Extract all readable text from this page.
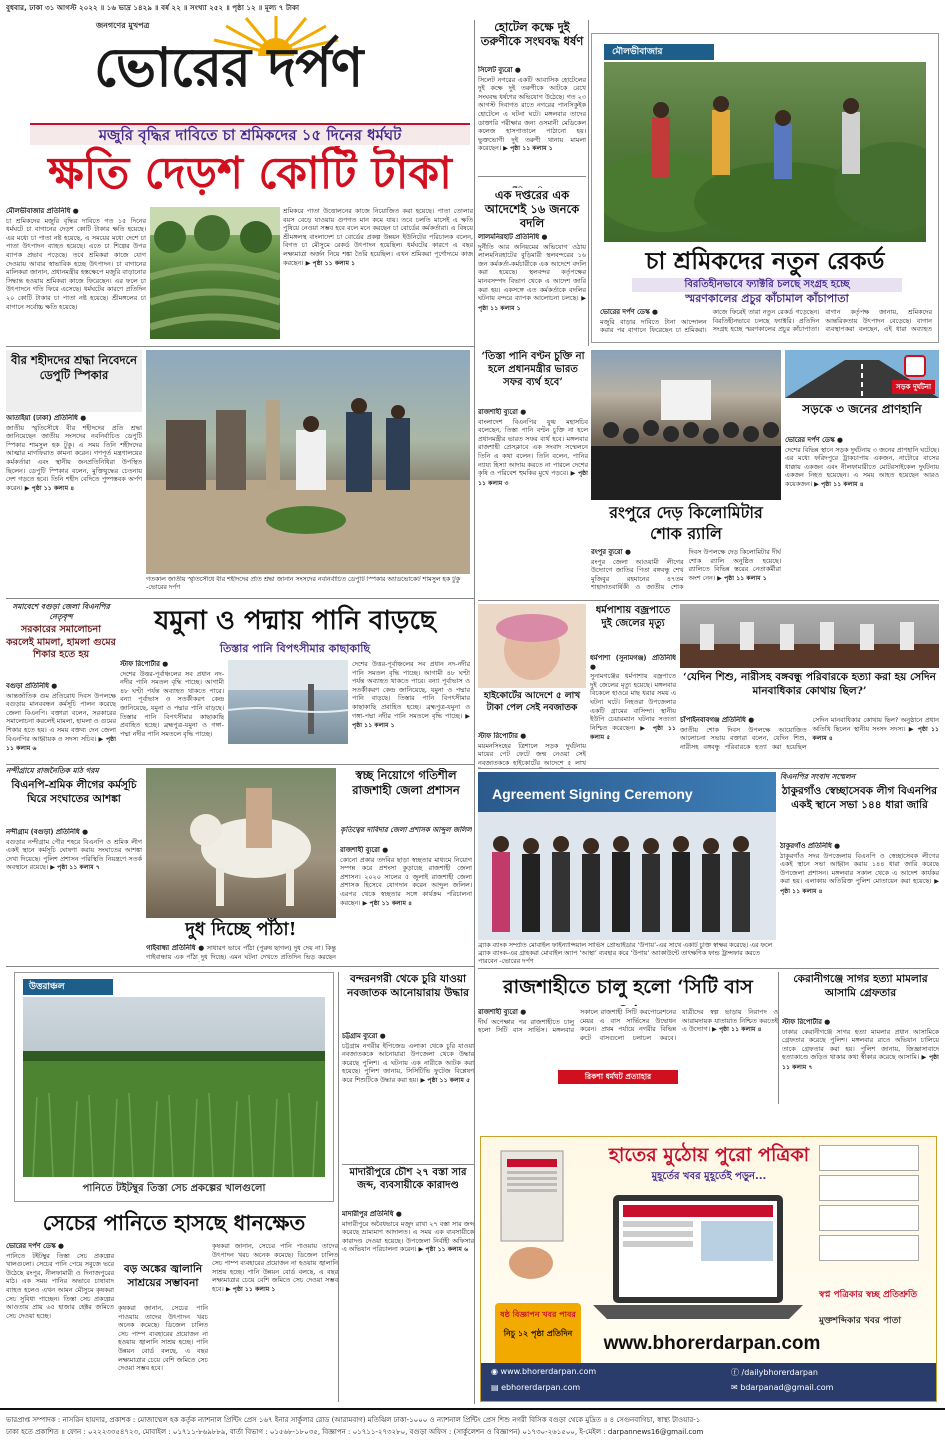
বুধবার, ঢাকা ৩১ আগস্ট ২০২২ ॥ ১৬ ভাদ্র ১৪২৯ ॥ বর্ষ ২২ ॥ সংখ্যা ২৫২ ॥ পৃষ্ঠা ১২ ॥ মূল্য ৭ টাকা
জনগণের মুখপত্র
ভোরের দর্পণ
মজুরি বৃদ্ধির দাবিতে চা শ্রমিকদের ১৫ দিনের ধর্মঘট
ক্ষতি দেড়শ কোটি টাকা
মৌলভীবাজার প্রতিনিধি ●
চা শ্রমিকদের মজুরি বৃদ্ধির দাবিতে গত ১৫ দিনের ধর্মঘটে চা বাগানের দেড়শ কোটি টাকার ক্ষতি হয়েছে। এর মধ্যে চা পাতা নষ্ট হয়েছে, এ সময়ের মধ্যে দেশে চা পাতা উৎপাদন ব্যাহত হয়েছে। এতে চা শিল্পের উপর ব্যাপক প্রভাব পড়েছে। তবে শ্রমিকরা কাজে যোগ দেওয়ায় আবার স্বাভাবিক হচ্ছে উৎপাদন। চা বাগানের মালিকরা জানান, প্রধানমন্ত্রীর হস্তক্ষেপে মজুরি বাড়ানোর সিদ্ধান্ত হওয়ায় শ্রমিকরা কাজে ফিরেছেন। এর ফলে চা উৎপাদনে গতি ফিরে এসেছে। ধর্মঘটের কারণে প্রতিদিন ২০ কোটি টাকার চা পাতা নষ্ট হয়েছে। শ্রীমঙ্গলের চা বাগানে সর্বোচ্চ ক্ষতি হয়েছে।
শ্রমিকরে পাতা উত্তোলনের কাজে নিয়োজিত করা হয়েছে। পাতা তোলার বয়স বেড়ে যাওয়ায় গুণগত মান কমে যায়। তবে চলতি মাসেই এ ক্ষতি পুষিয়ে নেওয়া সম্ভব হবে বলে মনে করছেন চা বোর্ডের কর্মকর্তারা। এ বিষয়ে শ্রীমঙ্গলস্থ বাংলাদেশ চা বোর্ডের প্রকল্প উন্নয়ন ইউনিটের পরিচালক বলেন, বিগত চা মৌসুমে রেকর্ড উৎপাদন হয়েছিল। ধর্মঘটের কারণে এ বছর লক্ষ্যমাত্রা অর্জন নিয়ে শঙ্কা তৈরি হয়েছিল। এখন শ্রমিকরা পূর্ণোদ্যমে কাজ করছেন। ▶ পৃষ্ঠা ১১ কলাম ১
হোটেল কক্ষে দুই তরুণীকে সংঘবদ্ধ ধর্ষণ
সিলেট ব্যুরো ●
সিলেট নগরের একটি আবাসিক হোটেলের দুই কক্ষে দুই তরুণীকে আটকে রেখে সংঘবদ্ধ ধর্ষণের অভিযোগ উঠেছে। গত ২৩ আগস্ট দিবাগত রাতে নগরের পানসিকুইক হোটেলে এ ঘটনা ঘটে। মঙ্গলবার তাদের ডাক্তারি পরীক্ষার জন্য ওসমানী মেডিকেল কলেজ হাসপাতালে পাঠানো হয়। ভুক্তভোগী দুই তরুণী থানায় মামলা করেছেন। ▶ পৃষ্ঠা ১১ কলাম ১
এক দপ্তরের এক আদেশেই ১৬ জনকে বদলি
লালমনিরহাট প্রতিনিধি ●
দুর্নীতি আর অনিয়মের অভিযোগ ওঠায় লালমনিরহাটের বুড়িমারী স্থলবন্দরের ১৬ জন কর্মকর্তা-কর্মচারীকে এক আদেশে বদলি করা হয়েছে। স্থলবন্দর কর্তৃপক্ষের মানবসম্পদ বিভাগ থেকে এ আদেশ জারি করা হয়। একসঙ্গে এত কর্মকর্তাকে বদলির ঘটনায় বন্দরে ব্যাপক আলোচনা চলছে। ▶ পৃষ্ঠা ১১ কলাম ১
মৌলভীবাজার
চা শ্রমিকদের নতুন রেকর্ড
বিরতিহীনভাবে ফ্যাক্টরি চলছে সংগ্রহ হচ্ছে
স্মরণকালের প্রচুর কাঁচামাল কাঁচাপাতা
ভোরের দর্পণ ডেস্ক ●
মজুরি বাড়ার দাবিতে টানা আন্দোলন করার পর বাগানে ফিরেছেন চা শ্রমিকরা। কাজে ফিরেই তারা নতুন রেকর্ড গড়েছেন। বিরতিহীনভাবে চলছে ফ্যাক্টরি। প্রতিদিন সংগ্রহ হচ্ছে স্মরণকালের প্রচুর কাঁচাপাতা। বাগান কর্তৃপক্ষ জানায়, শ্রমিকদের আন্তরিকতায় উৎপাদন বেড়েছে। বাগান ব্যবস্থাপকরা বলছেন, এই ধারা অব্যাহত
বীর শহীদদের শ্রদ্ধা নিবেদনে ডেপুটি স্পিকার
আতাইয়া (ঢাকা) প্রতিনিধি ●
জাতীয় স্মৃতিসৌধে বীর শহীদদের প্রতি শ্রদ্ধা জানিয়েছেন জাতীয় সংসদের নবনির্বাচিত ডেপুটি স্পিকার শামসুল হক টুকু। এ সময় তিনি শহীদদের আত্মার মাগফিরাত কামনা করেন। গণপূর্ত মন্ত্রণালয়ের কর্মকর্তারা এবং স্থানীয় জনপ্রতিনিধিরা উপস্থিত ছিলেন। ডেপুটি স্পিকার বলেন, মুক্তিযুদ্ধের চেতনায় দেশ গড়তে হবে। তিনি শহীদ বেদিতে পুষ্পস্তবক অর্পণ করেন। ▶ পৃষ্ঠা ১১ কলাম ৪
গতকাল জাতীয় স্মৃতিসৌধে বীর শহীদদের প্রতি শ্রদ্ধা জানান সংসদের নবনির্বাচিত ডেপুটি স্পিকার অ্যাডভোকেট শামসুল হক টুকু -ভোরের দর্পণ
‘তিস্তা পানি বণ্টন চুক্তি না হলে প্রধানমন্ত্রীর ভারত সফর ব্যর্থ হবে’
রাজশাহী ব্যুরো ●
বাংলাদেশ বিএনপির যুগ্ম মহাসচিব বলেছেন, তিস্তা পানি বণ্টন চুক্তি না হলে প্রধানমন্ত্রীর ভারত সফর ব্যর্থ হবে। মঙ্গলবার রাজশাহী প্রেসক্লাবে এক সংবাদ সম্মেলনে তিনি এ কথা বলেন। তিনি বলেন, পানির ন্যায্য হিস্যা আদায় করতে না পারলে দেশের কৃষি ও পরিবেশ হুমকির মুখে পড়বে। ▶ পৃষ্ঠা ১১ কলাম ৩
রংপুরে দেড় কিলোমিটার শোক র‌্যালি
রংপুর ব্যুরো ●
রংপুর জেলা আওয়ামী লীগের উদ্যোগে জাতির পিতা বঙ্গবন্ধু শেখ মুজিবুর রহমানের ৪৭তম শাহাদাতবার্ষিকী ও জাতীয় শোক দিবস উপলক্ষে দেড় কিলোমিটার দীর্ঘ শোক র‌্যালি অনুষ্ঠিত হয়েছে। র‌্যালিতে বিভিন্ন স্তরের নেতাকর্মীরা অংশ নেন। ▶ পৃষ্ঠা ১১ কলাম ১
সড়ক দুর্ঘটনা
সড়কে ৩ জনের প্রাণহানি
ভোরের দর্পণ ডেস্ক ●
দেশের বিভিন্ন স্থানে সড়ক দুর্ঘটনায় ৩ জনের প্রাণহানি ঘটেছে। এর মধ্যে ফরিদপুরে ট্রাকচাপায় একজন, নাটোরে বাসের ধাক্কায় একজন এবং নীলফামারীতে মোটরসাইকেল দুর্ঘটনায় একজন নিহত হয়েছেন। এ সময় আহত হয়েছেন আরও কয়েকজন। ▶ পৃষ্ঠা ১১ কলাম ৪
সমাবেশে বগুড়া জেলা বিএনপির নেতৃবৃন্দ
সরকারের সমালোচনা করলেই মামলা, হামলা গুমের শিকার হতে হয়
বগুড়া প্রতিনিধি ●
আন্তর্জাতিক গুম প্রতিরোধ দিবস উপলক্ষে বগুড়ায় মানববন্ধন কর্মসূচি পালন করেছে জেলা বিএনপি। বক্তারা বলেন, সরকারের সমালোচনা করলেই মামলা, হামলা ও গুমের শিকার হতে হয়। এ সময় বক্তব্য দেন জেলা বিএনপির আহ্বায়ক ও সদস্য সচিব। ▶ পৃষ্ঠা ১১ কলাম ৬
যমুনা ও পদ্মায় পানি বাড়ছে
তিস্তার পানি বিপৎসীমার কাছাকাছি
স্টাফ রিপোর্টার ●
দেশের উত্তর-পূর্বাঞ্চলের সব প্রধান নদ-নদীর পানি সমতল বৃদ্ধি পাচ্ছে। আগামী ৪৮ ঘণ্টা পর্যন্ত অব্যাহত থাকতে পারে। বন্যা পূর্বাভাস ও সতর্কীকরণ কেন্দ্র জানিয়েছে, যমুনা ও পদ্মার পানি বাড়ছে। তিস্তার পানি বিপৎসীমার কাছাকাছি প্রবাহিত হচ্ছে। ব্রহ্মপুত্র-যমুনা ও গঙ্গা-পদ্মা নদীর পানি সমতলে বৃদ্ধি পাচ্ছে।
দেশের উত্তর-পূর্বাঞ্চলের সব প্রধান নদ-নদীর পানি সমতল বৃদ্ধি পাচ্ছে। আগামী ৪৮ ঘণ্টা পর্যন্ত অব্যাহত থাকতে পারে। বন্যা পূর্বাভাস ও সতর্কীকরণ কেন্দ্র জানিয়েছে, যমুনা ও পদ্মার পানি বাড়ছে। তিস্তার পানি বিপৎসীমার কাছাকাছি প্রবাহিত হচ্ছে। ব্রহ্মপুত্র-যমুনা ও গঙ্গা-পদ্মা নদীর পানি সমতলে বৃদ্ধি পাচ্ছে। ▶ পৃষ্ঠা ১১ কলাম ১
ধর্মপাশায় বজ্রপাতে দুই জেলের মৃত্যু
ধর্মপাশা (সুনামগঞ্জ) প্রতিনিধি ●
সুনামগঞ্জের ধর্মপাশায় বজ্রপাতে দুই জেলের মৃত্যু হয়েছে। মঙ্গলবার বিকেলে হাওরে মাছ ধরার সময় এ ঘটনা ঘটে। নিহতরা উপজেলার একটি গ্রামের বাসিন্দা। স্থানীয় ইউপি চেয়ারম্যান ঘটনার সত্যতা নিশ্চিত করেছেন। ▶ পৃষ্ঠা ১১ কলাম ৫
হাইকোর্টের আদেশে ৫ লাখ টাকা পেল সেই নবজাতক
স্টাফ রিপোর্টার ●
ময়মনসিংহের ত্রিশালে সড়ক দুর্ঘটনায় মায়ের পেট ফেটে জন্ম নেওয়া সেই নবজাতককে হাইকোর্টের আদেশে ৫ লাখ
‘যেদিন শিশু, নারীসহ বঙ্গবন্ধু পরিবারকে হত্যা করা হয় সেদিন মানবাধিকার কোথায় ছিল?’
চাঁপাইনবাবগঞ্জ প্রতিনিধি ●
জাতীয় শোক দিবস উপলক্ষে আয়োজিত আলোচনা সভায় বক্তারা বলেন, যেদিন শিশু, নারীসহ বঙ্গবন্ধু পরিবারকে হত্যা করা হয়েছিল সেদিন মানবাধিকার কোথায় ছিল? অনুষ্ঠানে প্রধান অতিথি ছিলেন স্থানীয় সংসদ সদস্য। ▶ পৃষ্ঠা ১১ কলাম ৪
নন্দীগ্রামে রাজনৈতিক মাঠ গরম
বিএনপি-শ্রমিক লীগের কর্মসূচি ঘিরে সংঘাতের আশঙ্কা
নন্দীগ্রাম (বগুড়া) প্রতিনিধি ●
বগুড়ার নন্দীগ্রাম পৌর শহরে বিএনপি ও শ্রমিক লীগ একই স্থানে কর্মসূচি ঘোষণা করায় সংঘাতের আশঙ্কা দেখা দিয়েছে। পুলিশ প্রশাসন পরিস্থিতি নিয়ন্ত্রণে সতর্ক অবস্থানে রয়েছে। ▶ পৃষ্ঠা ১১ কলাম ৭
দুধ দিচ্ছে পাঁঠা!
গাইবান্ধা প্রতিনিধি ● সাধারণ ভাবে পাঁঠা (পুরুষ ছাগল) দুধ দেয় না। কিন্তু গাইবান্ধায় এক পাঁঠা দুধ দিচ্ছে। এমন ঘটনা দেখতে প্রতিদিন ভিড় করছেন
স্বচ্ছ নিয়োগে গতিশীল রাজশাহী জেলা প্রশাসন
কৃতিত্বের দাবিদার জেলা প্রশাসক আব্দুল জলিল
রাজশাহী ব্যুরো ●
কোনো প্রকার তদবির ছাড়া স্বচ্ছতার মাধ্যমে নিয়োগ সম্পন্ন করে প্রশংসা কুড়াচ্ছে রাজশাহী জেলা প্রশাসন। ২০২০ সালের ৫ জুলাই রাজশাহী জেলা প্রশাসক হিসেবে যোগদান করেন আব্দুল জলিল। এরপর থেকে স্বচ্ছতার সঙ্গে কার্যক্রম পরিচালনা করছেন। ▶ পৃষ্ঠা ১১ কলাম ৪
Agreement Signing Ceremony
ব্র্যাক ব্যাংক সম্প্রতি মোবাইল ফাইন্যান্সিয়াল সার্ভিস প্রোভাইডার ‘উপায়’-এর সাথে একটি চুক্তি স্বাক্ষর করেছে। এর ফলে ব্র্যাক ব্যাংক-এর গ্রাহকরা মোবাইল অ্যাপ ‘আস্থা’ ব্যবহার করে ‘উপায়’ অ্যাকাউন্টে তাৎক্ষণিক ফান্ড ট্রান্সফার করতে পারবেন -ভোরের দর্পণ
বিএনপির সংবাদ সম্মেলন
ঠাকুরগাঁও স্বেচ্ছাসেবক লীগ বিএনপির একই স্থানে সভা ১৪৪ ধারা জারি
ঠাকুরগাঁও প্রতিনিধি ●
ঠাকুরগাঁও সদর উপজেলায় বিএনপি ও স্বেচ্ছাসেবক লীগের একই স্থানে সভা আহ্বান করায় ১৪৪ ধারা জারি করেছে উপজেলা প্রশাসন। মঙ্গলবার সকাল থেকে এ আদেশ কার্যকর করা হয়। এলাকায় অতিরিক্ত পুলিশ মোতায়েন করা হয়েছে। ▶ পৃষ্ঠা ১১ কলাম ৪
উত্তরাঞ্চল
পানিতে টইটম্বুর তিস্তা সেচ প্রকল্পের খালগুলো
সেচের পানিতে হাসছে ধানক্ষেত
ভোরের দর্পণ ডেস্ক ●
পানিতে টইটম্বুর তিস্তা সেচ প্রকল্পের খালগুলো। সেচের পানি পেয়ে সবুজে ভরে উঠেছে রংপুর, নীলফামারী ও দিনাজপুরের মাঠ। এক সময় পানির অভাবে চাষাবাদ ব্যাহত হলেও এখন আমন মৌসুমে কৃষকরা সেচ সুবিধা পাচ্ছেন। তিস্তা সেচ প্রকল্পের আওতায় প্রায় ৬৫ হাজার হেক্টর জমিতে সেচ দেওয়া হচ্ছে।
বড় অঙ্কের জ্বালানি সাশ্রয়ের সম্ভাবনা
কৃষকরা জানান, সেচের পানি পাওয়ায় তাদের উৎপাদন খরচ অনেক কমেছে। ডিজেল চালিত সেচ পাম্প ব্যবহারের প্রয়োজন না হওয়ায় জ্বালানি সাশ্রয় হচ্ছে। পানি উন্নয়ন বোর্ড বলছে, এ বছর লক্ষ্যমাত্রার চেয়ে বেশি জমিতে সেচ দেওয়া সম্ভব হবে।
কৃষকরা জানান, সেচের পানি পাওয়ায় তাদের উৎপাদন খরচ অনেক কমেছে। ডিজেল চালিত সেচ পাম্প ব্যবহারের প্রয়োজন না হওয়ায় জ্বালানি সাশ্রয় হচ্ছে। পানি উন্নয়ন বোর্ড বলছে, এ বছর লক্ষ্যমাত্রার চেয়ে বেশি জমিতে সেচ দেওয়া সম্ভব হবে। ▶ পৃষ্ঠা ১১ কলাম ১
বন্দরনগরী থেকে চুরি যাওয়া নবজাতক আনোয়ারায় উদ্ধার
চট্টগ্রাম ব্যুরো ●
চট্টগ্রাম নগরীর ইপিজেড এলাকা থেকে চুরি যাওয়া নবজাতককে আনোয়ারা উপজেলা থেকে উদ্ধার করেছে পুলিশ। এ ঘটনায় এক নারীকে আটক করা হয়েছে। পুলিশ জানায়, সিসিটিভি ফুটেজ বিশ্লেষণ করে শিশুটিকে উদ্ধার করা হয়। ▶ পৃষ্ঠা ১১ কলাম ৫
মাদারীপুরে চৌশ ২৭ বস্তা সার জব্দ, ব্যবসায়ীকে কারাদণ্ড
মাদারীপুর প্রতিনিধি ●
মাদারীপুরে অবৈধভাবে মজুদ রাখা ২৭ বস্তা সার জব্দ করেছে ভ্রাম্যমাণ আদালত। এ সময় এক ব্যবসায়ীকে কারাদণ্ড দেওয়া হয়েছে। উপজেলা নির্বাহী অফিসার এ অভিযান পরিচালনা করেন। ▶ পৃষ্ঠা ১১ কলাম ৬
রাজশাহীতে চালু হলো ‘সিটি বাস
রাজশাহী ব্যুরো ●
দীর্ঘ অপেক্ষার পর রাজশাহীতে চালু হলো সিটি বাস সার্ভিস। মঙ্গলবার সকালে রাজশাহী সিটি করপোরেশনের মেয়র এ বাস সার্ভিসের উদ্বোধন করেন। প্রথম পর্যায়ে নগরীর বিভিন্ন রুটে বাসগুলো চলাচল করবে। যাত্রীদের স্বল্প ভাড়ায় নিরাপদ ও আরামদায়ক যাতায়াত নিশ্চিত করতেই এ উদ্যোগ। ▶ পৃষ্ঠা ১১ কলাম ৪
রিকশা ধর্মঘট প্রত্যাহার
কেরানীগঞ্জে সাগর হত্যা মামলার আসামি গ্রেফতার
স্টাফ রিপোর্টার ●
ঢাকার কেরানীগঞ্জে সাগর হত্যা মামলার প্রধান আসামিকে গ্রেফতার করেছে পুলিশ। মঙ্গলবার রাতে অভিযান চালিয়ে তাকে গ্রেফতার করা হয়। পুলিশ জানায়, জিজ্ঞাসাবাদে হত্যাকাণ্ডে জড়িত থাকার কথা স্বীকার করেছে আসামি। ▶ পৃষ্ঠা ১১ কলাম ৭
হাতের মুঠোয় পুরো পত্রিকা
মুহূর্তের খবর মুহূর্তেই পড়ুন...
ষষ্ঠ বিজ্ঞাপন খবর পাবর
নিচু ১২ পৃষ্ঠা প্রতিদিন
স্বপ্ন পত্রিকার স্বচ্ছ প্রতিশ্রুতি
মুক্তশব্দিকার খবর পাতা
www.bhorerdarpan.com
◉ www.bhorerdarpan.com
▤ ebhorerdarpan.com
ⓕ /dailybhorerdarpan
✉ bdarpanad@gmail.com
ভারপ্রাপ্ত সম্পাদক : নাসরিন হায়দার, প্রকাশক : মোজাম্মেল হক কর্তৃক ন্যাশনাল প্রিন্টিং প্রেস ১৬৭ ইনার সার্কুলার রোড (আরামবাগ) মতিঝিল ঢাকা-১০০০ ও ন্যাশনাল প্রিন্টিং প্রেস শিশু নগরী বিসিক বগুড়া থেকে মুদ্রিত ॥ ৪ সেগুনবাগিচা, স্বাস্থ্য টাওয়ার-১
ঢাকা হতে প্রকাশিত ॥ ফোন : ০২২২৩৩৫৪৭২৩, মোবাইল : ০১৭১১-৮৬৯৮৮৯, বার্তা বিভাগ : ০১৫৬৮-১৮০৩৫, বিজ্ঞাপন : ০১৭১১-২৭৩২৮০, বগুড়া অফিস : (সার্কুলেশন ও বিজ্ঞাপন) ০১৭৩০-২৬১৫০০, ই-মেইল : darpannews16@gmail.com
